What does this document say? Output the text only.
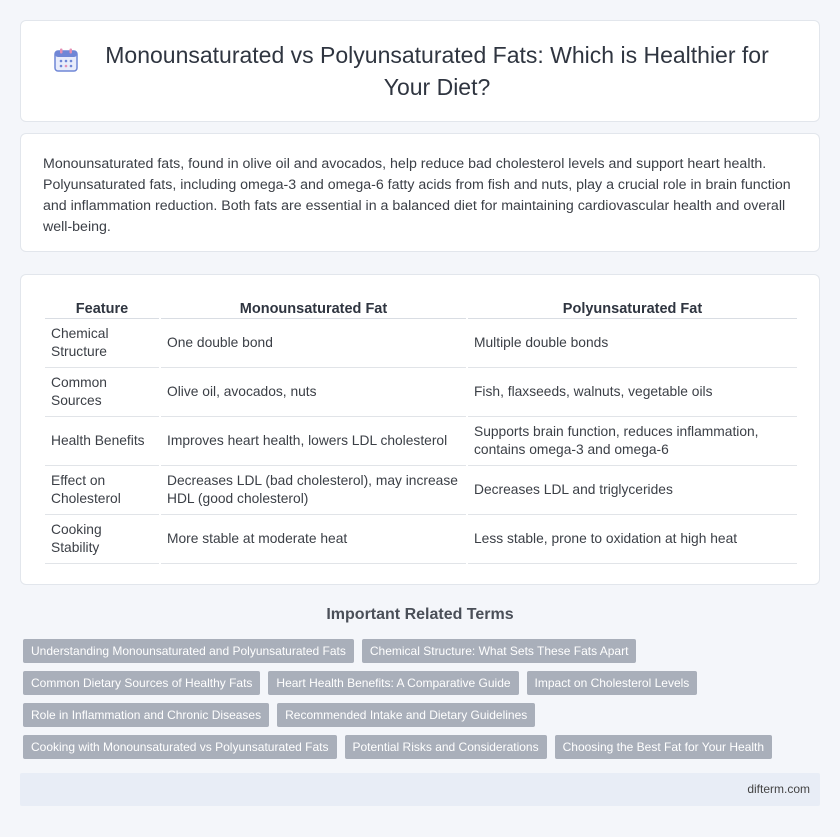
Monounsaturated vs Polyunsaturated Fats: Which is Healthier for Your Diet?

Monounsaturated fats, found in olive oil and avocados, help reduce bad cholesterol levels and support heart health. Polyunsaturated fats, including omega-3 and omega-6 fatty acids from fish and nuts, play a crucial role in brain function and inflammation reduction. Both fats are essential in a balanced diet for maintaining cardiovascular health and overall well-being.

Feature	Monounsaturated Fat	Polyunsaturated Fat
Chemical Structure	One double bond	Multiple double bonds
Common Sources	Olive oil, avocados, nuts	Fish, flaxseeds, walnuts, vegetable oils
Health Benefits	Improves heart health, lowers LDL cholesterol	Supports brain function, reduces inflammation, contains omega-3 and omega-6
Effect on Cholesterol	Decreases LDL (bad cholesterol), may increase HDL (good cholesterol)	Decreases LDL and triglycerides
Cooking Stability	More stable at moderate heat	Less stable, prone to oxidation at high heat
Important Related Terms
Understanding Monounsaturated and Polyunsaturated Fats	Chemical Structure: What Sets These Fats Apart
Common Dietary Sources of Healthy Fats	Heart Health Benefits: A Comparative Guide	Impact on Cholesterol Levels
Role in Inflammation and Chronic Diseases	Recommended Intake and Dietary Guidelines
Cooking with Monounsaturated vs Polyunsaturated Fats	Potential Risks and Considerations	Choosing the Best Fat for Your Health
difterm.com
